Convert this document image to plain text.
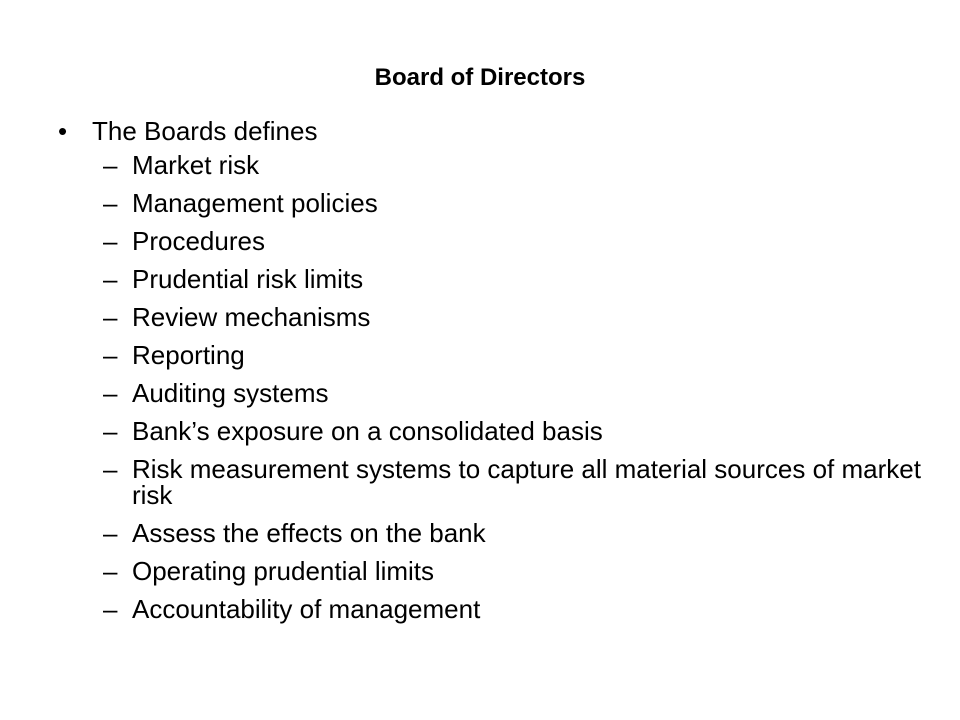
Board of Directors
• The Boards defines
– Market risk
– Management policies
– Procedures
– Prudential risk limits
– Review mechanisms
– Reporting
– Auditing systems
– Bank’s exposure on a consolidated basis
– Risk measurement systems to capture all material sources of market risk
– Assess the effects on the bank
– Operating prudential limits
– Accountability of management
